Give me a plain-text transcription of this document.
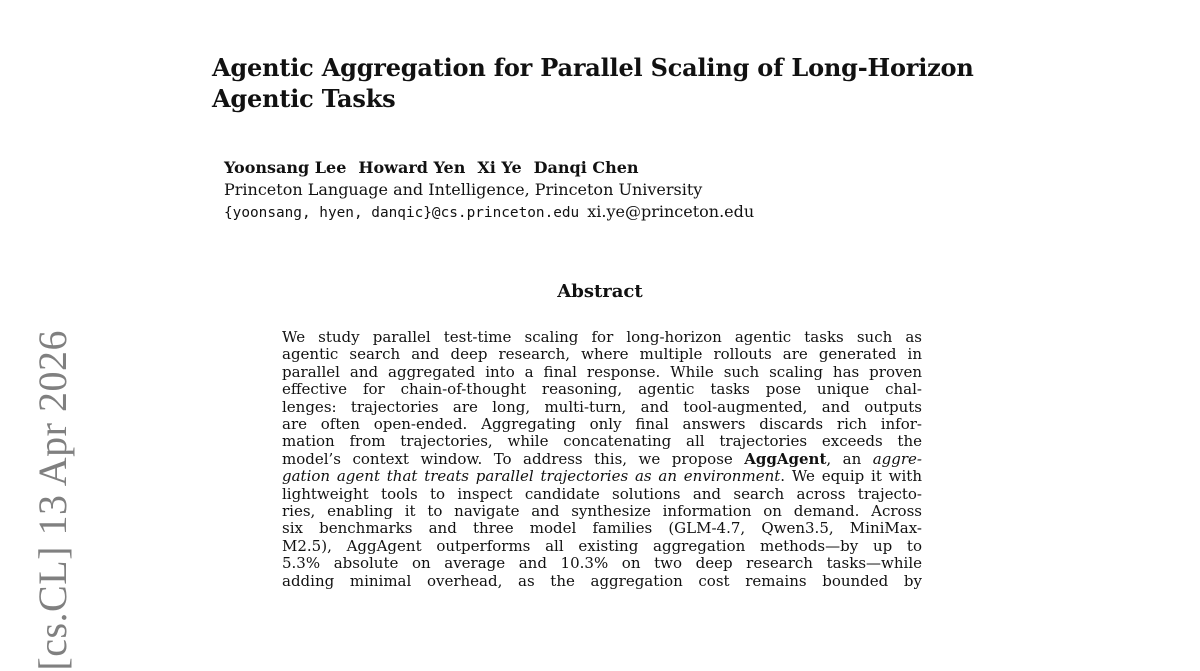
[cs.CL] 13 Apr 2026
Agentic Aggregation for Parallel Scaling of Long-Horizon
Agentic Tasks
Yoonsang Lee Howard Yen Xi Ye Danqi Chen
Princeton Language and Intelligence, Princeton University
{yoonsang, hyen, danqic}@cs.princeton.edu xi.ye@princeton.edu
Abstract
We study parallel test-time scaling for long-horizon agentic tasks such as
agentic search and deep research, where multiple rollouts are generated in
parallel and aggregated into a final response. While such scaling has proven
effective for chain-of-thought reasoning, agentic tasks pose unique chal-
lenges: trajectories are long, multi-turn, and tool-augmented, and outputs
are often open-ended. Aggregating only final answers discards rich infor-
mation from trajectories, while concatenating all trajectories exceeds the
model’s context window. To address this, we propose AggAgent, an aggre-
gation agent that treats parallel trajectories as an environment. We equip it with
lightweight tools to inspect candidate solutions and search across trajecto-
ries, enabling it to navigate and synthesize information on demand. Across
six benchmarks and three model families (GLM-4.7, Qwen3.5, MiniMax-
M2.5), AggAgent outperforms all existing aggregation methods—by up to
5.3% absolute on average and 10.3% on two deep research tasks—while
adding minimal overhead, as the aggregation cost remains bounded by
